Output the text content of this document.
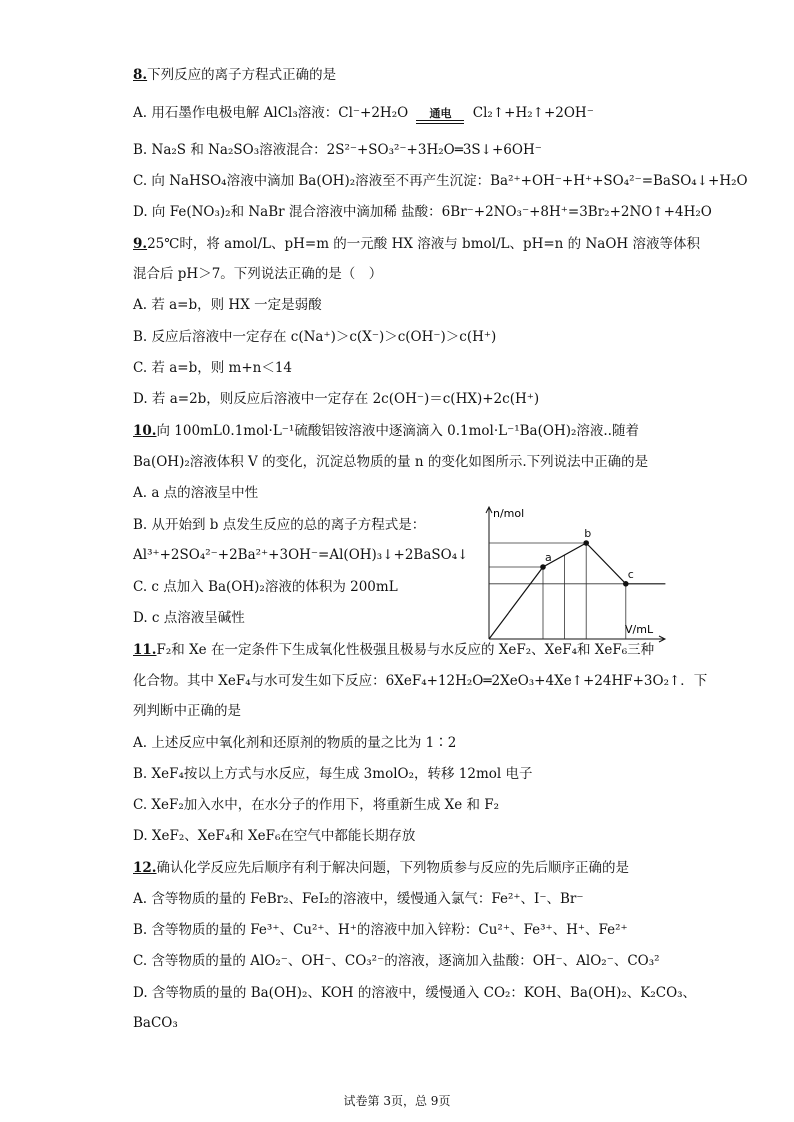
8.下列反应的离子方程式正确的是
A. 用石墨作电极电解 AlCl₃溶液：Cl⁻+2H₂O	通电	Cl₂↑+H₂↑+2OH⁻
B. Na₂S 和 Na₂SO₃溶液混合：2S²⁻+SO₃²⁻+3H₂O═3S↓+6OH⁻
C. 向 NaHSO₄溶液中滴加 Ba(OH)₂溶液至不再产生沉淀：Ba²⁺+OH⁻+H⁺+SO₄²⁻=BaSO₄↓+H₂O
D. 向 Fe(NO₃)₂和 NaBr 混合溶液中滴加稀 盐酸：6Br⁻+2NO₃⁻+8H⁺=3Br₂+2NO↑+4H₂O
9.25℃时，将 amol/L、pH=m 的一元酸 HX 溶液与 bmol/L、pH=n 的 NaOH 溶液等体积
混合后 pH＞7。下列说法正确的是（　）
A. 若 a=b，则 HX 一定是弱酸
B. 反应后溶液中一定存在 c(Na⁺)＞c(X⁻)＞c(OH⁻)＞c(H⁺)
C. 若 a=b，则 m+n＜14
D. 若 a=2b，则反应后溶液中一定存在 2c(OH⁻)＝c(HX)+2c(H⁺)
10.向 100mL0.1mol·L⁻¹硫酸铝铵溶液中逐滴滴入 0.1mol·L⁻¹Ba(OH)₂溶液..随着
Ba(OH)₂溶液体积 V 的变化，沉淀总物质的量 n 的变化如图所示.下列说法中正确的是
A. a 点的溶液呈中性
B. 从开始到 b 点发生反应的总的离子方程式是：
Al³⁺+2SO₄²⁻+2Ba²⁺+3OH⁻=Al(OH)₃↓+2BaSO₄↓
C. c 点加入 Ba(OH)₂溶液的体积为 200mL
D. c 点溶液呈碱性
a
b
c
n/mol
V/mL
11.F₂和 Xe 在一定条件下生成氧化性极强且极易与水反应的 XeF₂、XeF₄和 XeF₆三种
化合物。其中 XeF₄与水可发生如下反应：6XeF₄+12H₂O═2XeO₃+4Xe↑+24HF+3O₂↑．下
列判断中正确的是
A. 上述反应中氧化剂和还原剂的物质的量之比为 1∶2
B. XeF₄按以上方式与水反应，每生成 3molO₂，转移 12mol 电子
C. XeF₂加入水中，在水分子的作用下，将重新生成 Xe 和 F₂
D. XeF₂、XeF₄和 XeF₆在空气中都能长期存放
12.确认化学反应先后顺序有利于解决问题，下列物质参与反应的先后顺序正确的是
A. 含等物质的量的 FeBr₂、FeI₂的溶液中，缓慢通入氯气：Fe²⁺、I⁻、Br⁻
B. 含等物质的量的 Fe³⁺、Cu²⁺、H⁺的溶液中加入锌粉：Cu²⁺、Fe³⁺、H⁺、Fe²⁺
C. 含等物质的量的 AlO₂⁻、OH⁻、CO₃²⁻的溶液，逐滴加入盐酸：OH⁻、AlO₂⁻、CO₃²
D. 含等物质的量的 Ba(OH)₂、KOH 的溶液中，缓慢通入 CO₂：KOH、Ba(OH)₂、K₂CO₃、
BaCO₃
试卷第 3页，总 9页
